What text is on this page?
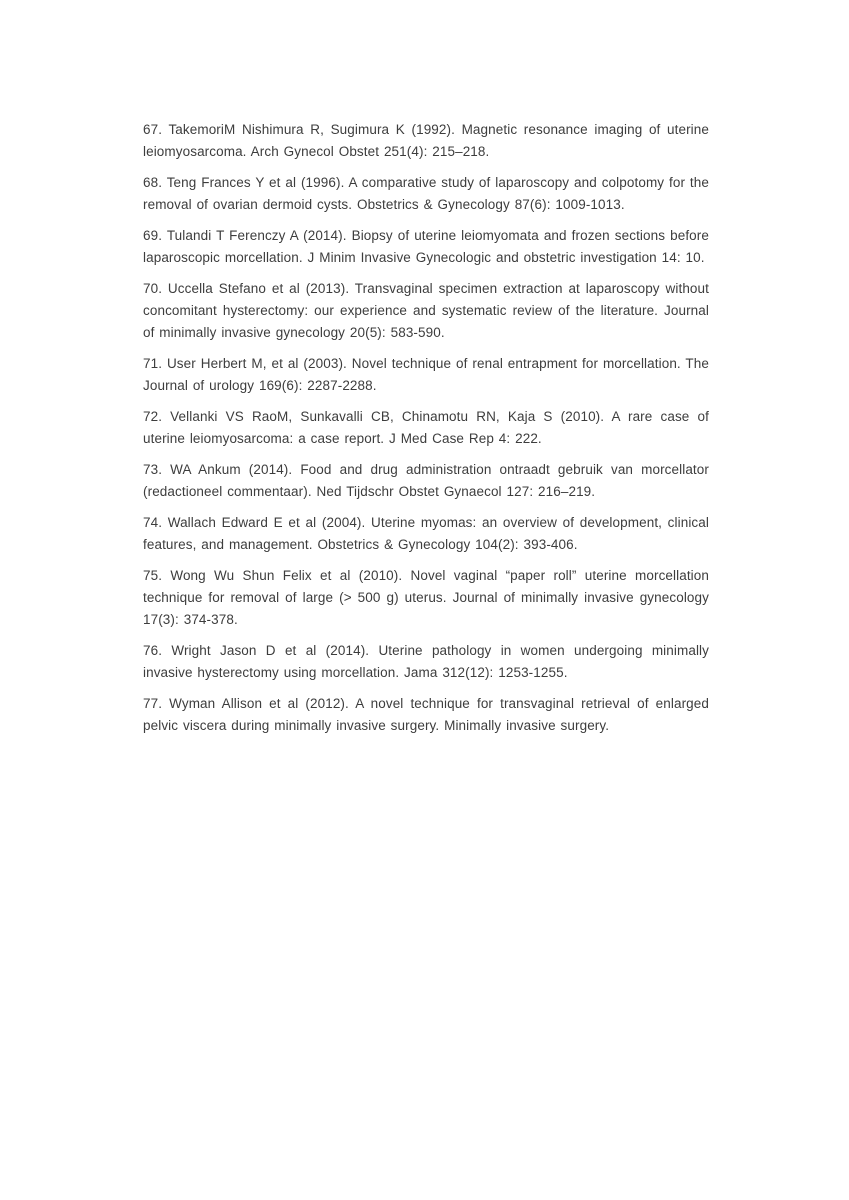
67. TakemoriM Nishimura R, Sugimura K (1992). Magnetic resonance imaging of uterine leiomyosarcoma. Arch Gynecol Obstet 251(4): 215–218.

68. Teng Frances Y et al (1996). A comparative study of laparoscopy and colpotomy for the removal of ovarian dermoid cysts. Obstetrics & Gynecology 87(6): 1009-1013.

69. Tulandi T Ferenczy A (2014). Biopsy of uterine leiomyomata and frozen sections before laparoscopic morcellation. J Minim Invasive Gynecologic and obstetric investigation 14: 10.

70. Uccella Stefano et al (2013). Transvaginal specimen extraction at laparoscopy without concomitant hysterectomy: our experience and systematic review of the literature. Journal of minimally invasive gynecology 20(5): 583-590.

71. User Herbert M, et al (2003). Novel technique of renal entrapment for morcellation. The Journal of urology 169(6): 2287-2288.

72. Vellanki VS RaoM, Sunkavalli CB, Chinamotu RN, Kaja S (2010). A rare case of uterine leiomyosarcoma: a case report. J Med Case Rep 4: 222.

73. WA Ankum (2014). Food and drug administration ontraadt gebruik van morcellator (redactioneel commentaar). Ned Tijdschr Obstet Gynaecol 127: 216–219.

74. Wallach Edward E et al (2004). Uterine myomas: an overview of development, clinical features, and management. Obstetrics & Gynecology 104(2): 393-406.

75. Wong Wu Shun Felix et al (2010). Novel vaginal “paper roll” uterine morcellation technique for removal of large (> 500 g) uterus. Journal of minimally invasive gynecology 17(3): 374-378.

76. Wright Jason D et al (2014). Uterine pathology in women undergoing minimally invasive hysterectomy using morcellation. Jama 312(12): 1253-1255.

77. Wyman Allison et al (2012). A novel technique for transvaginal retrieval of enlarged pelvic viscera during minimally invasive surgery. Minimally invasive surgery.
